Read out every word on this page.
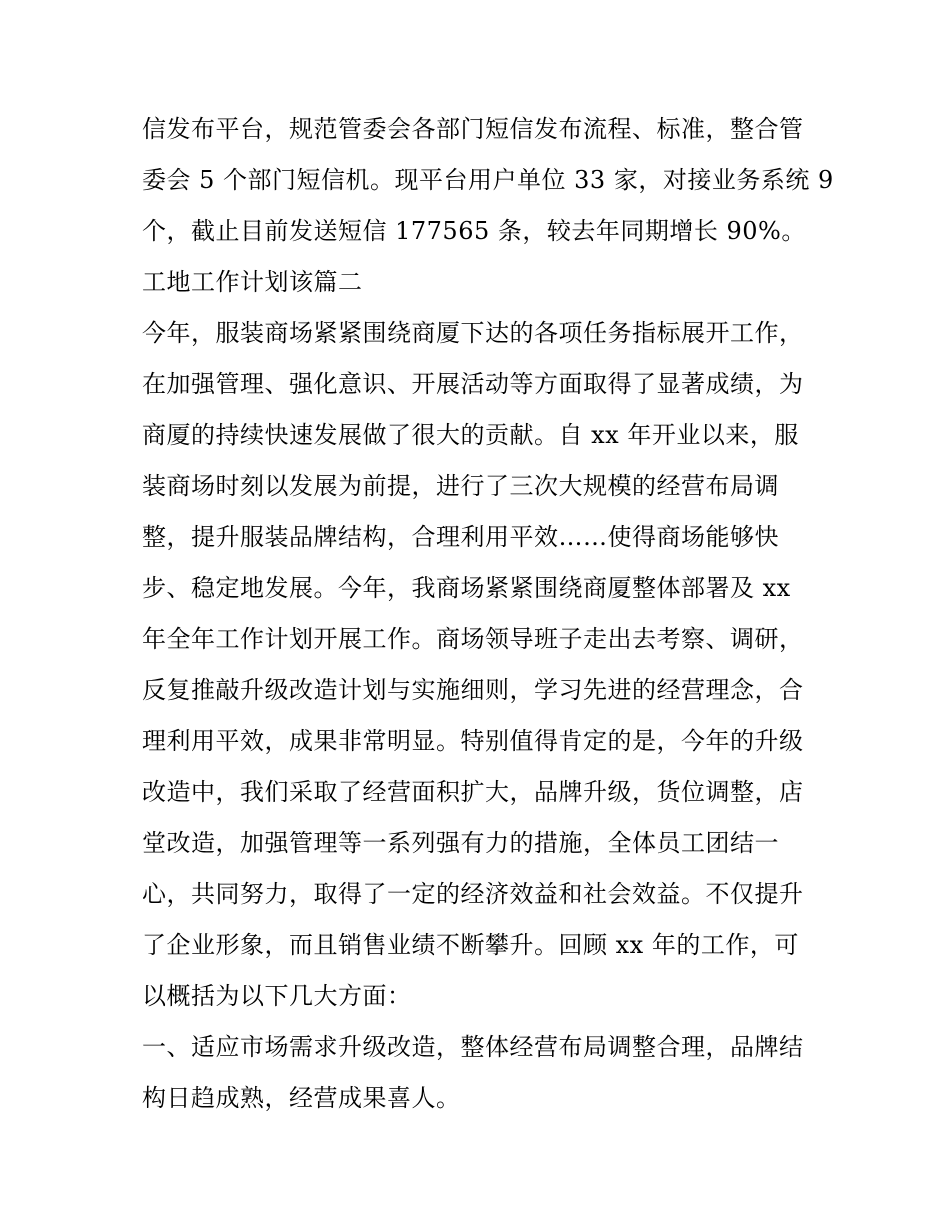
信发布平台，规范管委会各部门短信发布流程、标准，整合管

委会 5 个部门短信机。现平台用户单位 33 家，对接业务系统 9

个，截止目前发送短信 177565 条，较去年同期增长 90%。

工地工作计划该篇二

今年，服装商场紧紧围绕商厦下达的各项任务指标展开工作，

在加强管理、强化意识、开展活动等方面取得了显著成绩，为

商厦的持续快速发展做了很大的贡献。自 xx 年开业以来，服

装商场时刻以发展为前提，进行了三次大规模的经营布局调

整，提升服装品牌结构，合理利用平效……使得商场能够快

步、稳定地发展。今年，我商场紧紧围绕商厦整体部署及 xx

年全年工作计划开展工作。商场领导班子走出去考察、调研，

反复推敲升级改造计划与实施细则，学习先进的经营理念，合

理利用平效，成果非常明显。特别值得肯定的是，今年的升级

改造中，我们采取了经营面积扩大，品牌升级，货位调整，店

堂改造，加强管理等一系列强有力的措施，全体员工团结一

心，共同努力，取得了一定的经济效益和社会效益。不仅提升

了企业形象，而且销售业绩不断攀升。回顾 xx 年的工作，可

以概括为以下几大方面：

一、适应市场需求升级改造，整体经营布局调整合理，品牌结

构日趋成熟，经营成果喜人。
